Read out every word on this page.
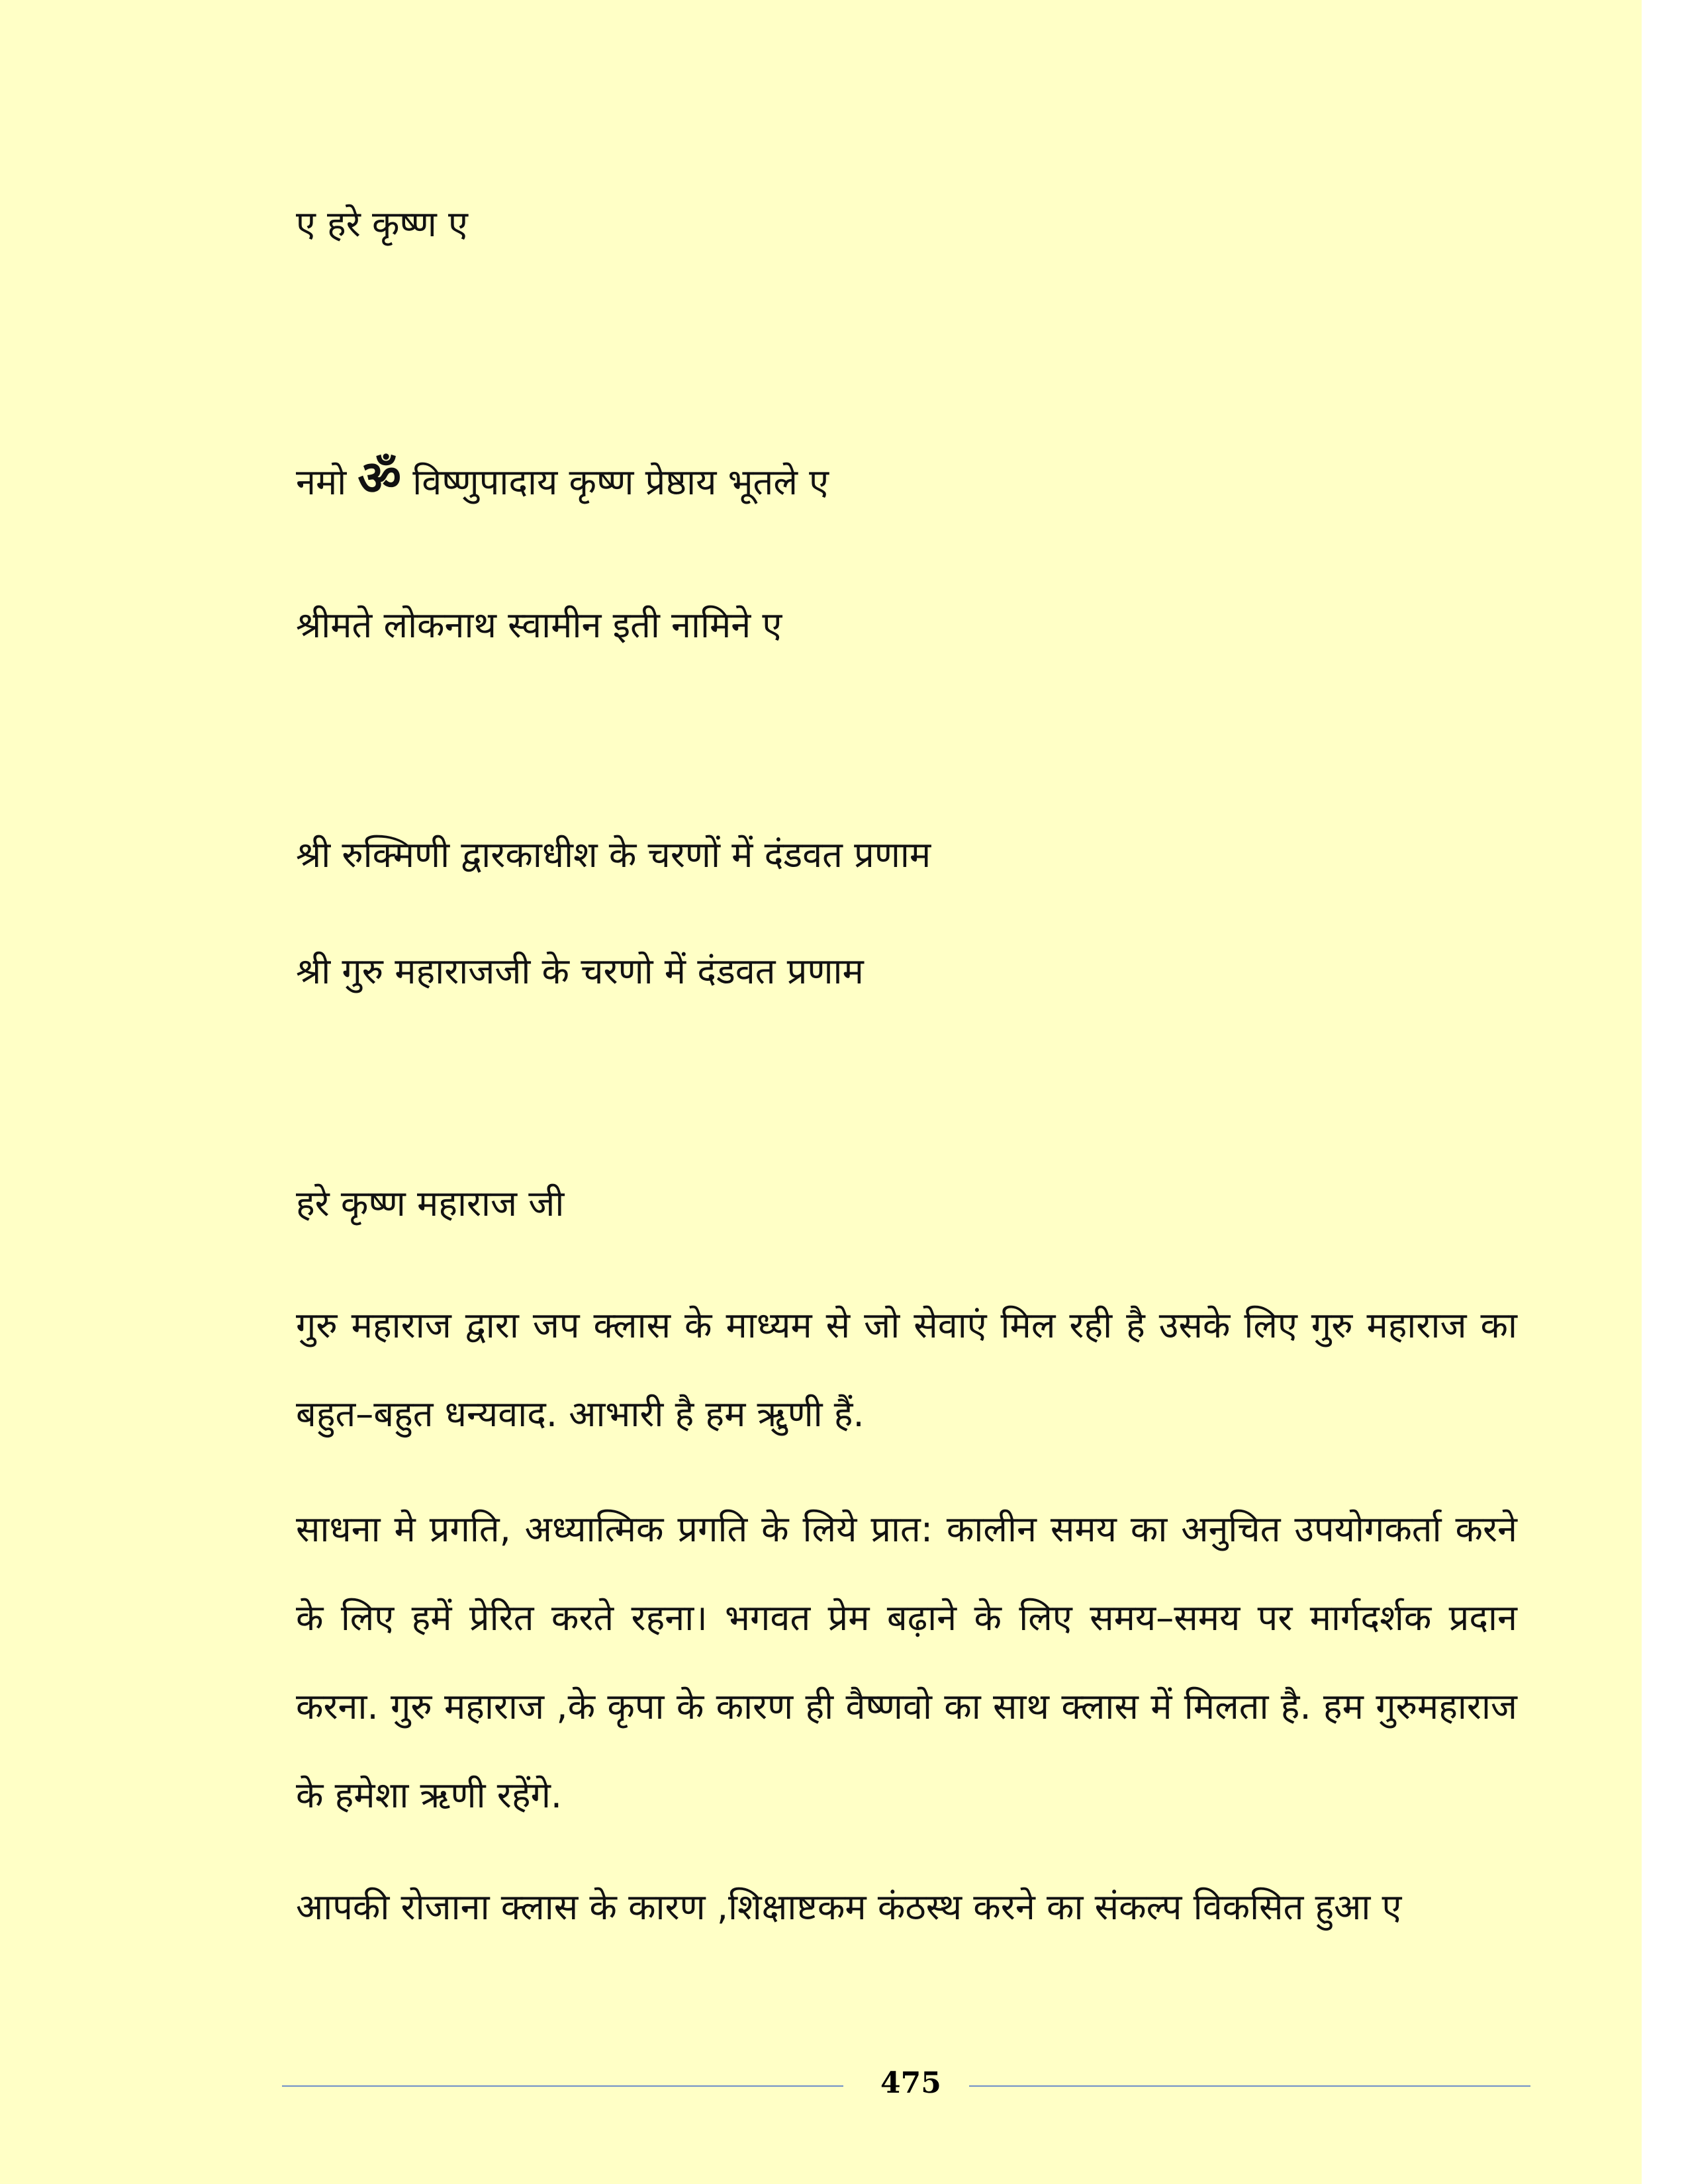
ए हरे कृष्ण ए
नमो ॐ विष्णुपादाय कृष्ण प्रेष्ठाय भूतले ए
श्रीमते लोकनाथ स्वामीन इती नामिने ए
श्री रुक्मिणी द्वारकाधीश के चरणों में दंडवत प्रणाम
श्री गुरु महाराजजी के चरणो में दंडवत प्रणाम
हरे कृष्ण महाराज जी

गुरु महाराज द्वारा जप क्लास के माध्यम से जो सेवाएं मिल रही है उसके लिए गुरु महाराज का बहुत–बहुत धन्यवाद. आभारी है हम ऋुणी हैं.

साधना मे प्रगति, अध्यात्मिक प्रगति के लिये प्रात: कालीन समय का अनुचित उपयोगकर्ता करने के लिए हमें प्रेरित करते रहना। भगवत प्रेम बढ़ाने के लिए समय–समय पर मार्गदर्शक प्रदान करना. गुरु महाराज ,के कृपा के कारण ही वैष्णवो का साथ क्लास में मिलता है. हम गुरुमहाराज के हमेशा ऋणी रहेंगे.

आपकी रोजाना क्लास के कारण ,शिक्षाष्टकम कंठस्थ करने का संकल्प विकसित हुआ ए

475
